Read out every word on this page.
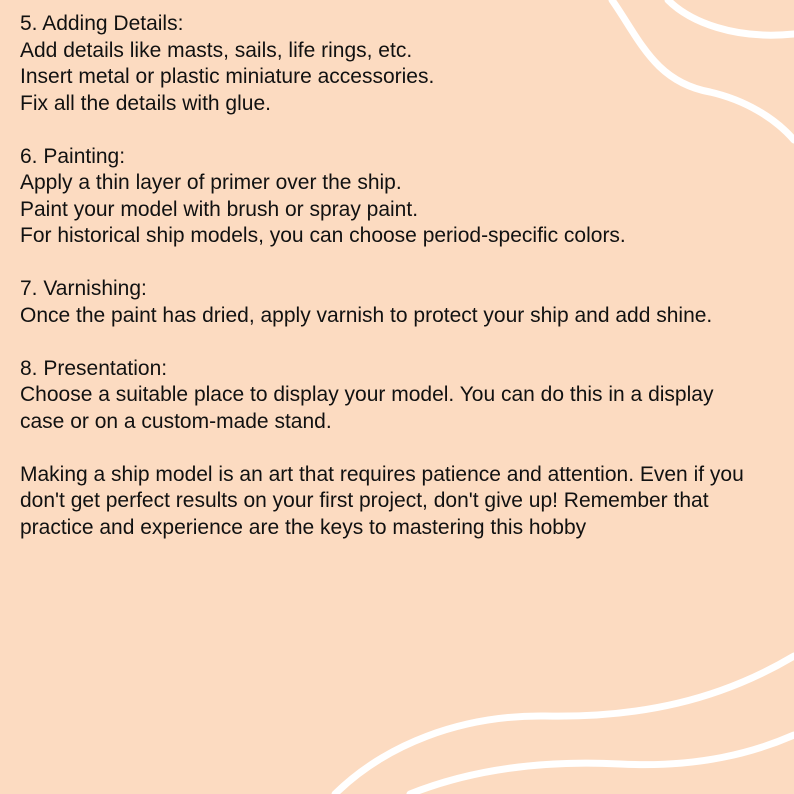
5. Adding Details:
Add details like masts, sails, life rings, etc.
Insert metal or plastic miniature accessories.
Fix all the details with glue.
6. Painting:
Apply a thin layer of primer over the ship.
Paint your model with brush or spray paint.
For historical ship models, you can choose period-specific colors.
7. Varnishing:
Once the paint has dried, apply varnish to protect your ship and add shine.
8. Presentation:
Choose a suitable place to display your model. You can do this in a display case or on a custom-made stand.
Making a ship model is an art that requires patience and attention. Even if you don't get perfect results on your first project, don't give up! Remember that practice and experience are the keys to mastering this hobby
